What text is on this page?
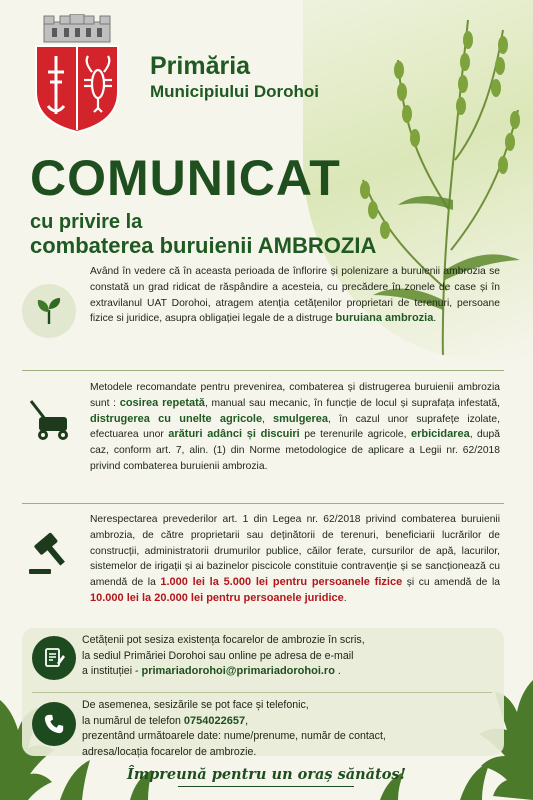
Primăria
Municipiului Dorohoi
COMUNICAT
cu privire la
combaterea buruienii AMBROZIA
Având în vedere că în aceasta perioada de înflorire și polenizare a buruienii ambrozia se constată un grad ridicat de răspândire a acesteia, cu precădere în zonele de case și în extravilanul UAT Dorohoi, atragem atenția cetățenilor proprietari de terenuri, persoane fizice si juridice, asupra obligației legale de a distruge buruiana ambrozia.
Metodele recomandate pentru prevenirea, combaterea și distrugerea buruienii ambrozia sunt : cosirea repetată, manual sau mecanic, în funcție de locul și suprafața infestată, distrugerea cu unelte agricole, smulgerea, în cazul unor suprafețe izolate, efectuarea unor arături adânci și discuiri pe terenurile agricole, erbicidarea, după caz, conform art. 7, alin. (1) din Norme metodologice de aplicare a Legii nr. 62/2018 privind combaterea buruienii ambrozia.
Nerespectarea prevederilor art. 1 din Legea nr. 62/2018 privind combaterea buruienii ambrozia, de către proprietarii sau deținătorii de terenuri, beneficiarii lucrărilor de construcții, administratorii drumurilor publice, căilor ferate, cursurilor de apă, lacurilor, sistemelor de irigații și ai bazinelor piscicole constituie contravenție și se sancționează cu amendă de la 1.000 lei la 5.000 lei pentru persoanele fizice și cu amendă de la 10.000 lei la 20.000 lei pentru persoanele juridice.
Cetățenii pot sesiza existența focarelor de ambrozie în scris,
la sediul Primăriei Dorohoi sau online pe adresa de e-mail
a instituției - primariadorohoi@primariadorohoi.ro .
De asemenea, sesizările se pot face și telefonic,
la numărul de telefon 0754022657,
prezentând următoarele date: nume/prenume, număr de contact,
adresa/locația focarelor de ambrozie.
Împreună pentru un oraș sănătos!
